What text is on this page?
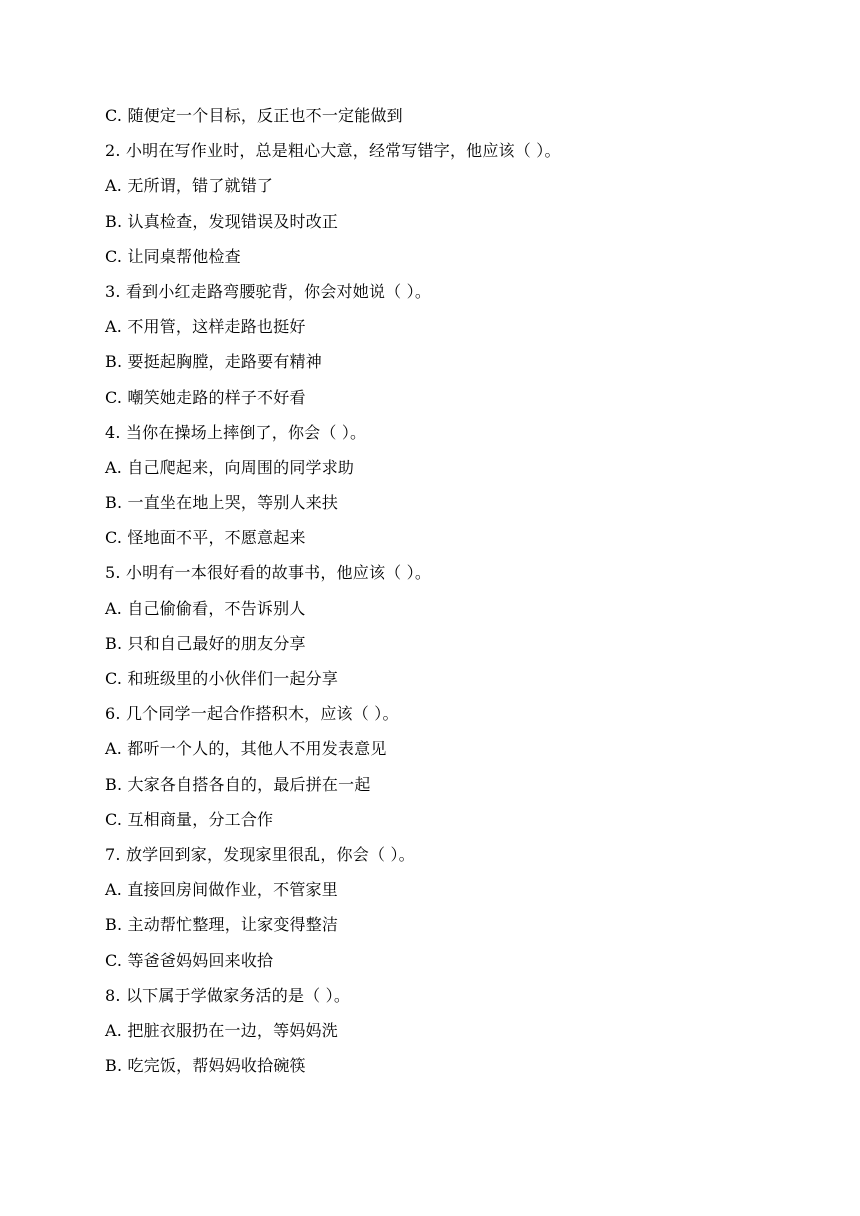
C. 随便定一个目标，反正也不一定能做到
2. 小明在写作业时，总是粗心大意，经常写错字，他应该（ ）。
A. 无所谓，错了就错了
B. 认真检查，发现错误及时改正
C. 让同桌帮他检查
3. 看到小红走路弯腰驼背，你会对她说（ ）。
A. 不用管，这样走路也挺好
B. 要挺起胸膛，走路要有精神
C. 嘲笑她走路的样子不好看
4. 当你在操场上摔倒了，你会（ ）。
A. 自己爬起来，向周围的同学求助
B. 一直坐在地上哭，等别人来扶
C. 怪地面不平，不愿意起来
5. 小明有一本很好看的故事书，他应该（ ）。
A. 自己偷偷看，不告诉别人
B. 只和自己最好的朋友分享
C. 和班级里的小伙伴们一起分享
6. 几个同学一起合作搭积木，应该（ ）。
A. 都听一个人的，其他人不用发表意见
B. 大家各自搭各自的，最后拼在一起
C. 互相商量，分工合作
7. 放学回到家，发现家里很乱，你会（ ）。
A. 直接回房间做作业，不管家里
B. 主动帮忙整理，让家变得整洁
C. 等爸爸妈妈回来收拾
8. 以下属于学做家务活的是（ ）。
A. 把脏衣服扔在一边，等妈妈洗
B. 吃完饭，帮妈妈收拾碗筷
